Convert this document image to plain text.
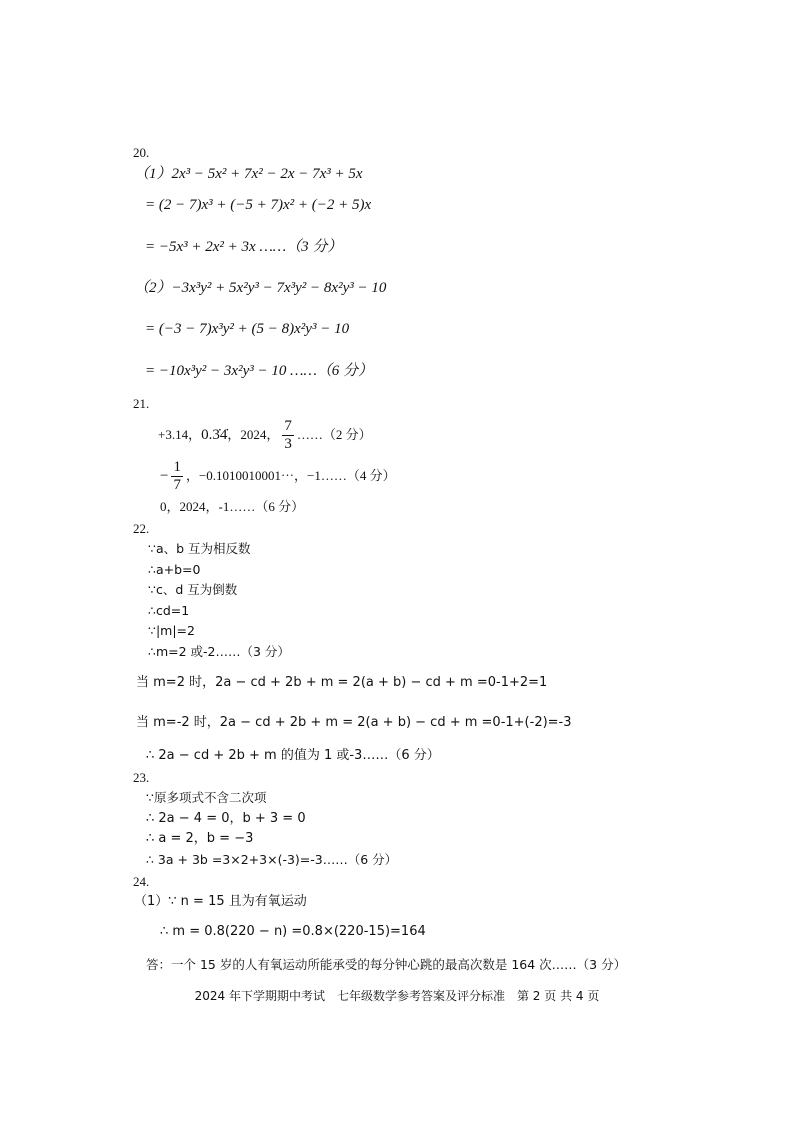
20.
（1）2x³ − 5x² + 7x² − 2x − 7x³ + 5x
= (2 − 7)x³ + (−5 + 7)x² + (−2 + 5)x
= −5x³ + 2x² + 3x ……（3 分）
（2）−3x³y² + 5x²y³ − 7x³y² − 8x²y³ − 10
= (−3 − 7)x³y² + (5 − 8)x²y³ − 10
= −10x³y² − 3x²y³ − 10 ……（6 分）
21.
+3.14，0.3̇4̇，2024， $\frac{7}{3}$ ……（2 分）
− $\frac{1}{7}$ ，−0.1010010001⋯，−1……（4 分）
0，2024，-1……（6 分）
22.
∵a、b 互为相反数
∴a+b=0
∵c、d 互为倒数
∴cd=1
∵|m|=2
∴m=2 或-2……（3 分）
当 m=2 时，2a − cd + 2b + m = 2(a + b) − cd + m =0-1+2=1
当 m=-2 时，2a − cd + 2b + m = 2(a + b) − cd + m =0-1+(-2)=-3
∴ 2a − cd + 2b + m 的值为 1 或-3……（6 分）
23.
∵原多项式不含二次项
∴ 2a − 4 = 0，b + 3 = 0
∴ a = 2，b = −3
∴ 3a + 3b =3×2+3×(-3)=-3……（6 分）
24.
（1）∵ n = 15 且为有氧运动
∴ m = 0.8(220 − n) =0.8×(220-15)=164
答：一个 15 岁的人有氧运动所能承受的每分钟心跳的最高次数是 164 次……（3 分）
2024 年下学期期中考试　七年级数学参考答案及评分标准　第 2 页 共 4 页
